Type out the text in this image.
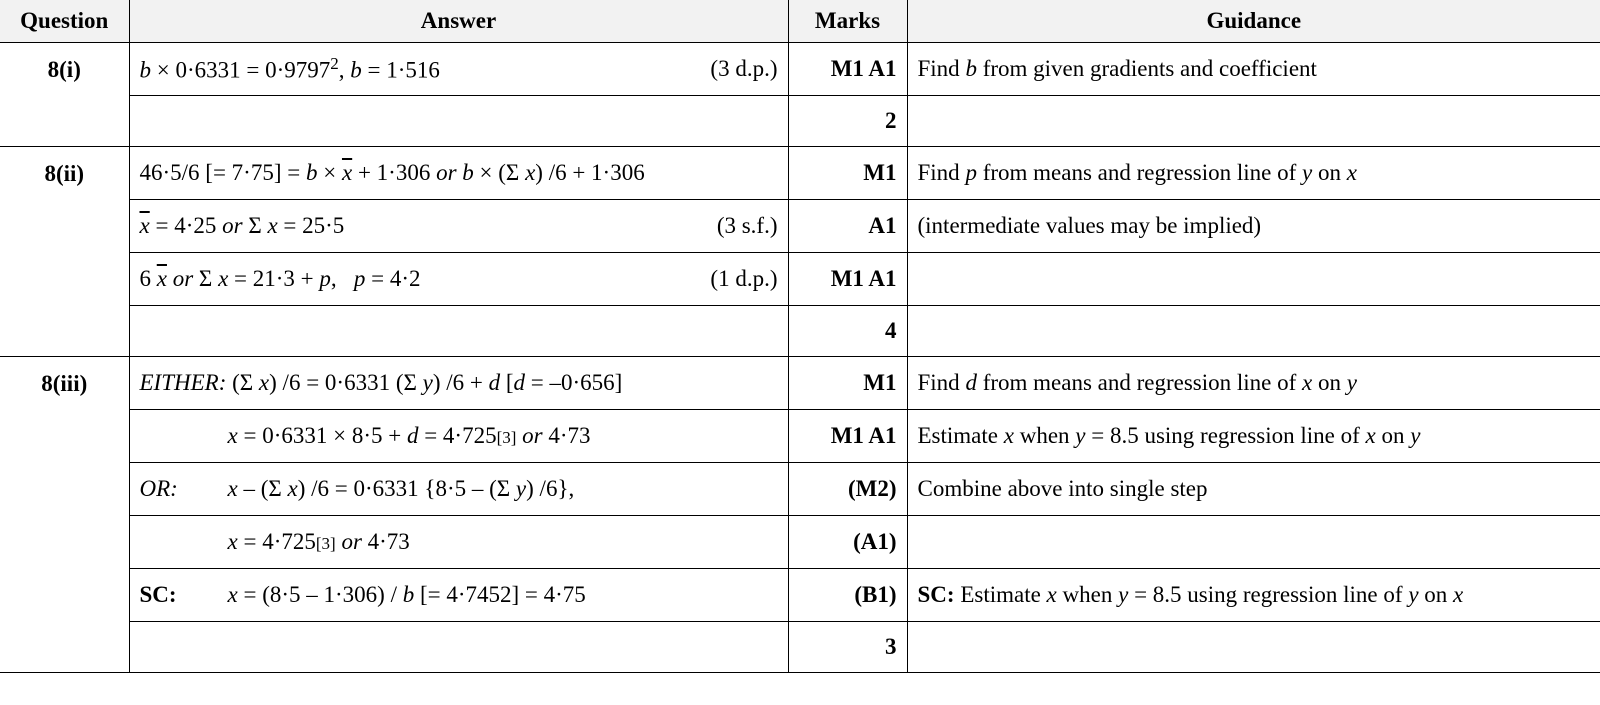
Question	Answer	Marks	Guidance
8(i)	$b \times 0\cdot 6331 = 0\cdot 9797^2$, b = 1·516 (3 d.p.)	M1 A1	Find b from given gradients and coefficient
		2	
8(ii)	46·5/6 [= $7\cdot 75] = b \times \overline{x} + 1\cdot 306$ or b × (Σ x) /6 + 1·306	M1	Find p from means and regression line of y on x

	$\overline{x} = 4\cdot 25$ or Σ x = 25·5 (3 s.f.)	A1	(intermediate values may be implied)

	6 $\overline{x}$ or Σ x = 21·3 + p,   p = 4·2 (1 d.p.)	M1 A1	
		4	
8(iii)	EITHER: (Σ x) /6 = 0·6331 (Σ y) /6 + d [d = –0·656]	M1	Find d from means and regression line of x on y
	x = 0·6331 × 8·5 + d = 4·725[3] or 4·73	M1 A1	Estimate x when y = 8.5 using regression line of x on y
	OR: x – (Σ x) /6 = 0·6331 {8·5 – (Σ y) /6},	(M2)	Combine above into single step
	x = 4·725[3] or 4·73	(A1)	
	SC: x = (8·5 – 1·306) / b [= 4·7452] = 4·75	(B1)	SC: Estimate x when y = 8.5 using regression line of y on x
		3	
